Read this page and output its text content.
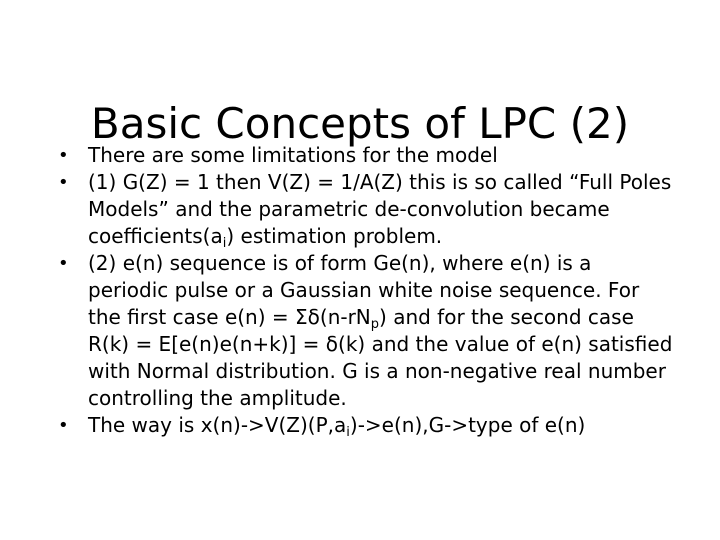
Basic Concepts of LPC (2)
• There are some limitations for the model
• (1) G(Z) = 1 then V(Z) = 1/A(Z) this is so called “Full Poles Models” and the parametric de-convolution became $coefficients(a_i)$ estimation problem.
• (2) e(n) sequence is of form Ge(n), where e(n) is a periodic pulse or a Gaussian white noise sequence. For the first case $e(n) = \Sigma\delta(n-rN_p)$ and for the second case R(k) = E[e(n)e(n+k)] = δ(k) and the value of e(n) satisfied with Normal distribution. G is a non-negative real number controlling the amplitude.
• The way is $x(n)->V(Z)(P,a_i)->e(n),G->type$ of e(n)
